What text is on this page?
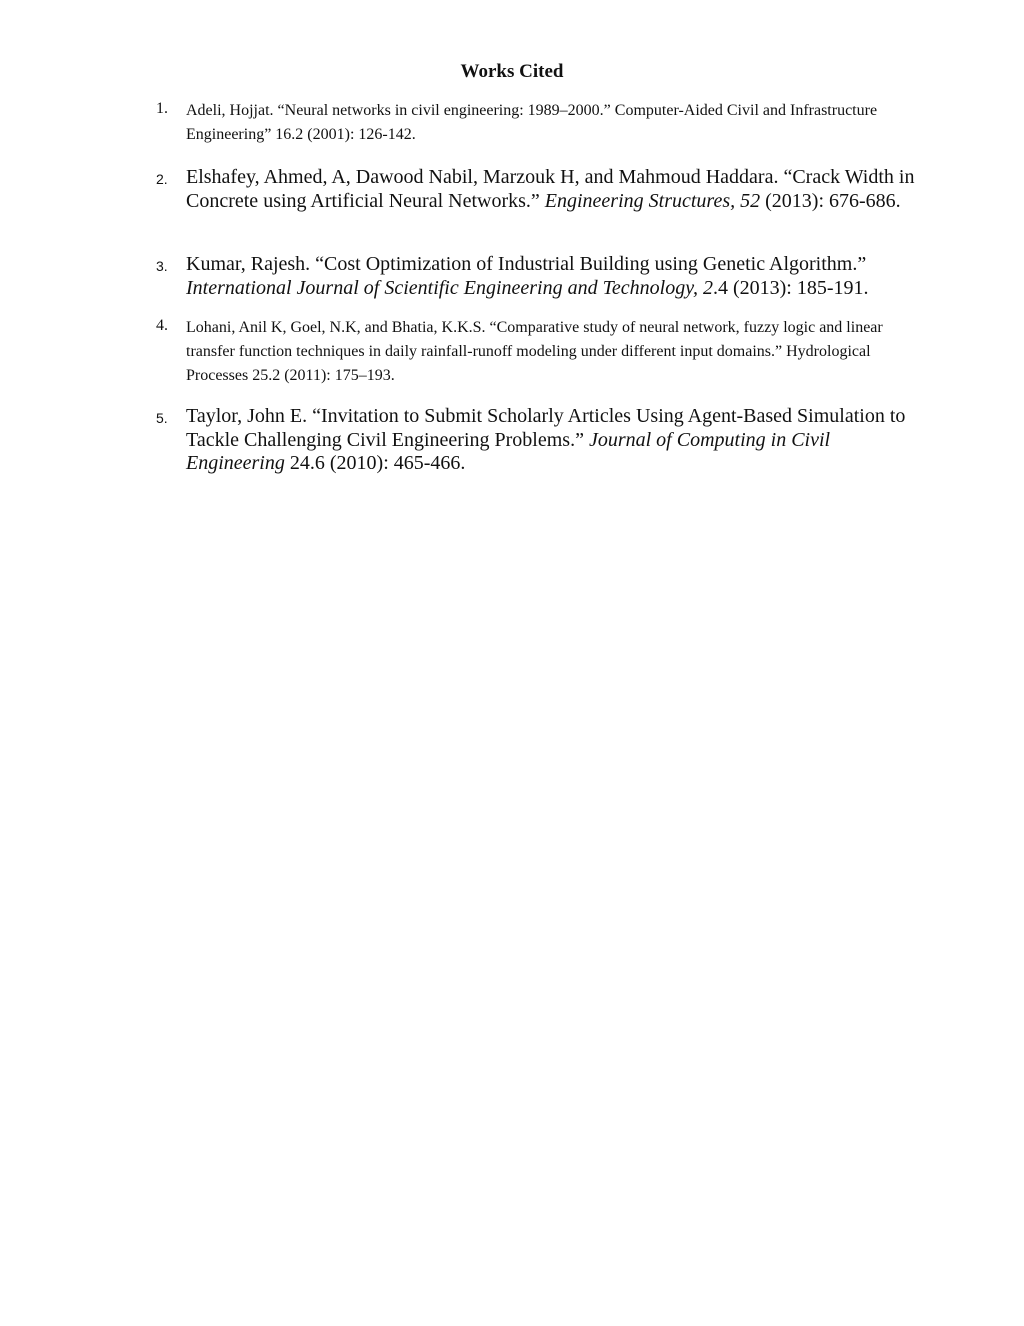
Works Cited
1.	Adeli, Hojjat. “Neural networks in civil engineering: 1989–2000.” Computer-Aided Civil and Infrastructure Engineering” 16.2 (2001): 126-142.
2. Elshafey, Ahmed, A, Dawood Nabil, Marzouk H, and Mahmoud Haddara. “Crack Width in Concrete using Artificial Neural Networks.” Engineering Structures, 52 (2013): 676-686.
3. Kumar, Rajesh. “Cost Optimization of Industrial Building using Genetic Algorithm.” International Journal of Scientific Engineering and Technology, 2.4 (2013): 185-191.
4.	Lohani, Anil K, Goel, N.K, and Bhatia, K.K.S. “Comparative study of neural network, fuzzy logic and linear transfer function techniques in daily rainfall-runoff modeling under different input domains.” Hydrological Processes 25.2 (2011): 175–193.
5. Taylor, John E. “Invitation to Submit Scholarly Articles Using Agent-Based Simulation to Tackle Challenging Civil Engineering Problems.” Journal of Computing in Civil Engineering 24.6 (2010): 465-466.
